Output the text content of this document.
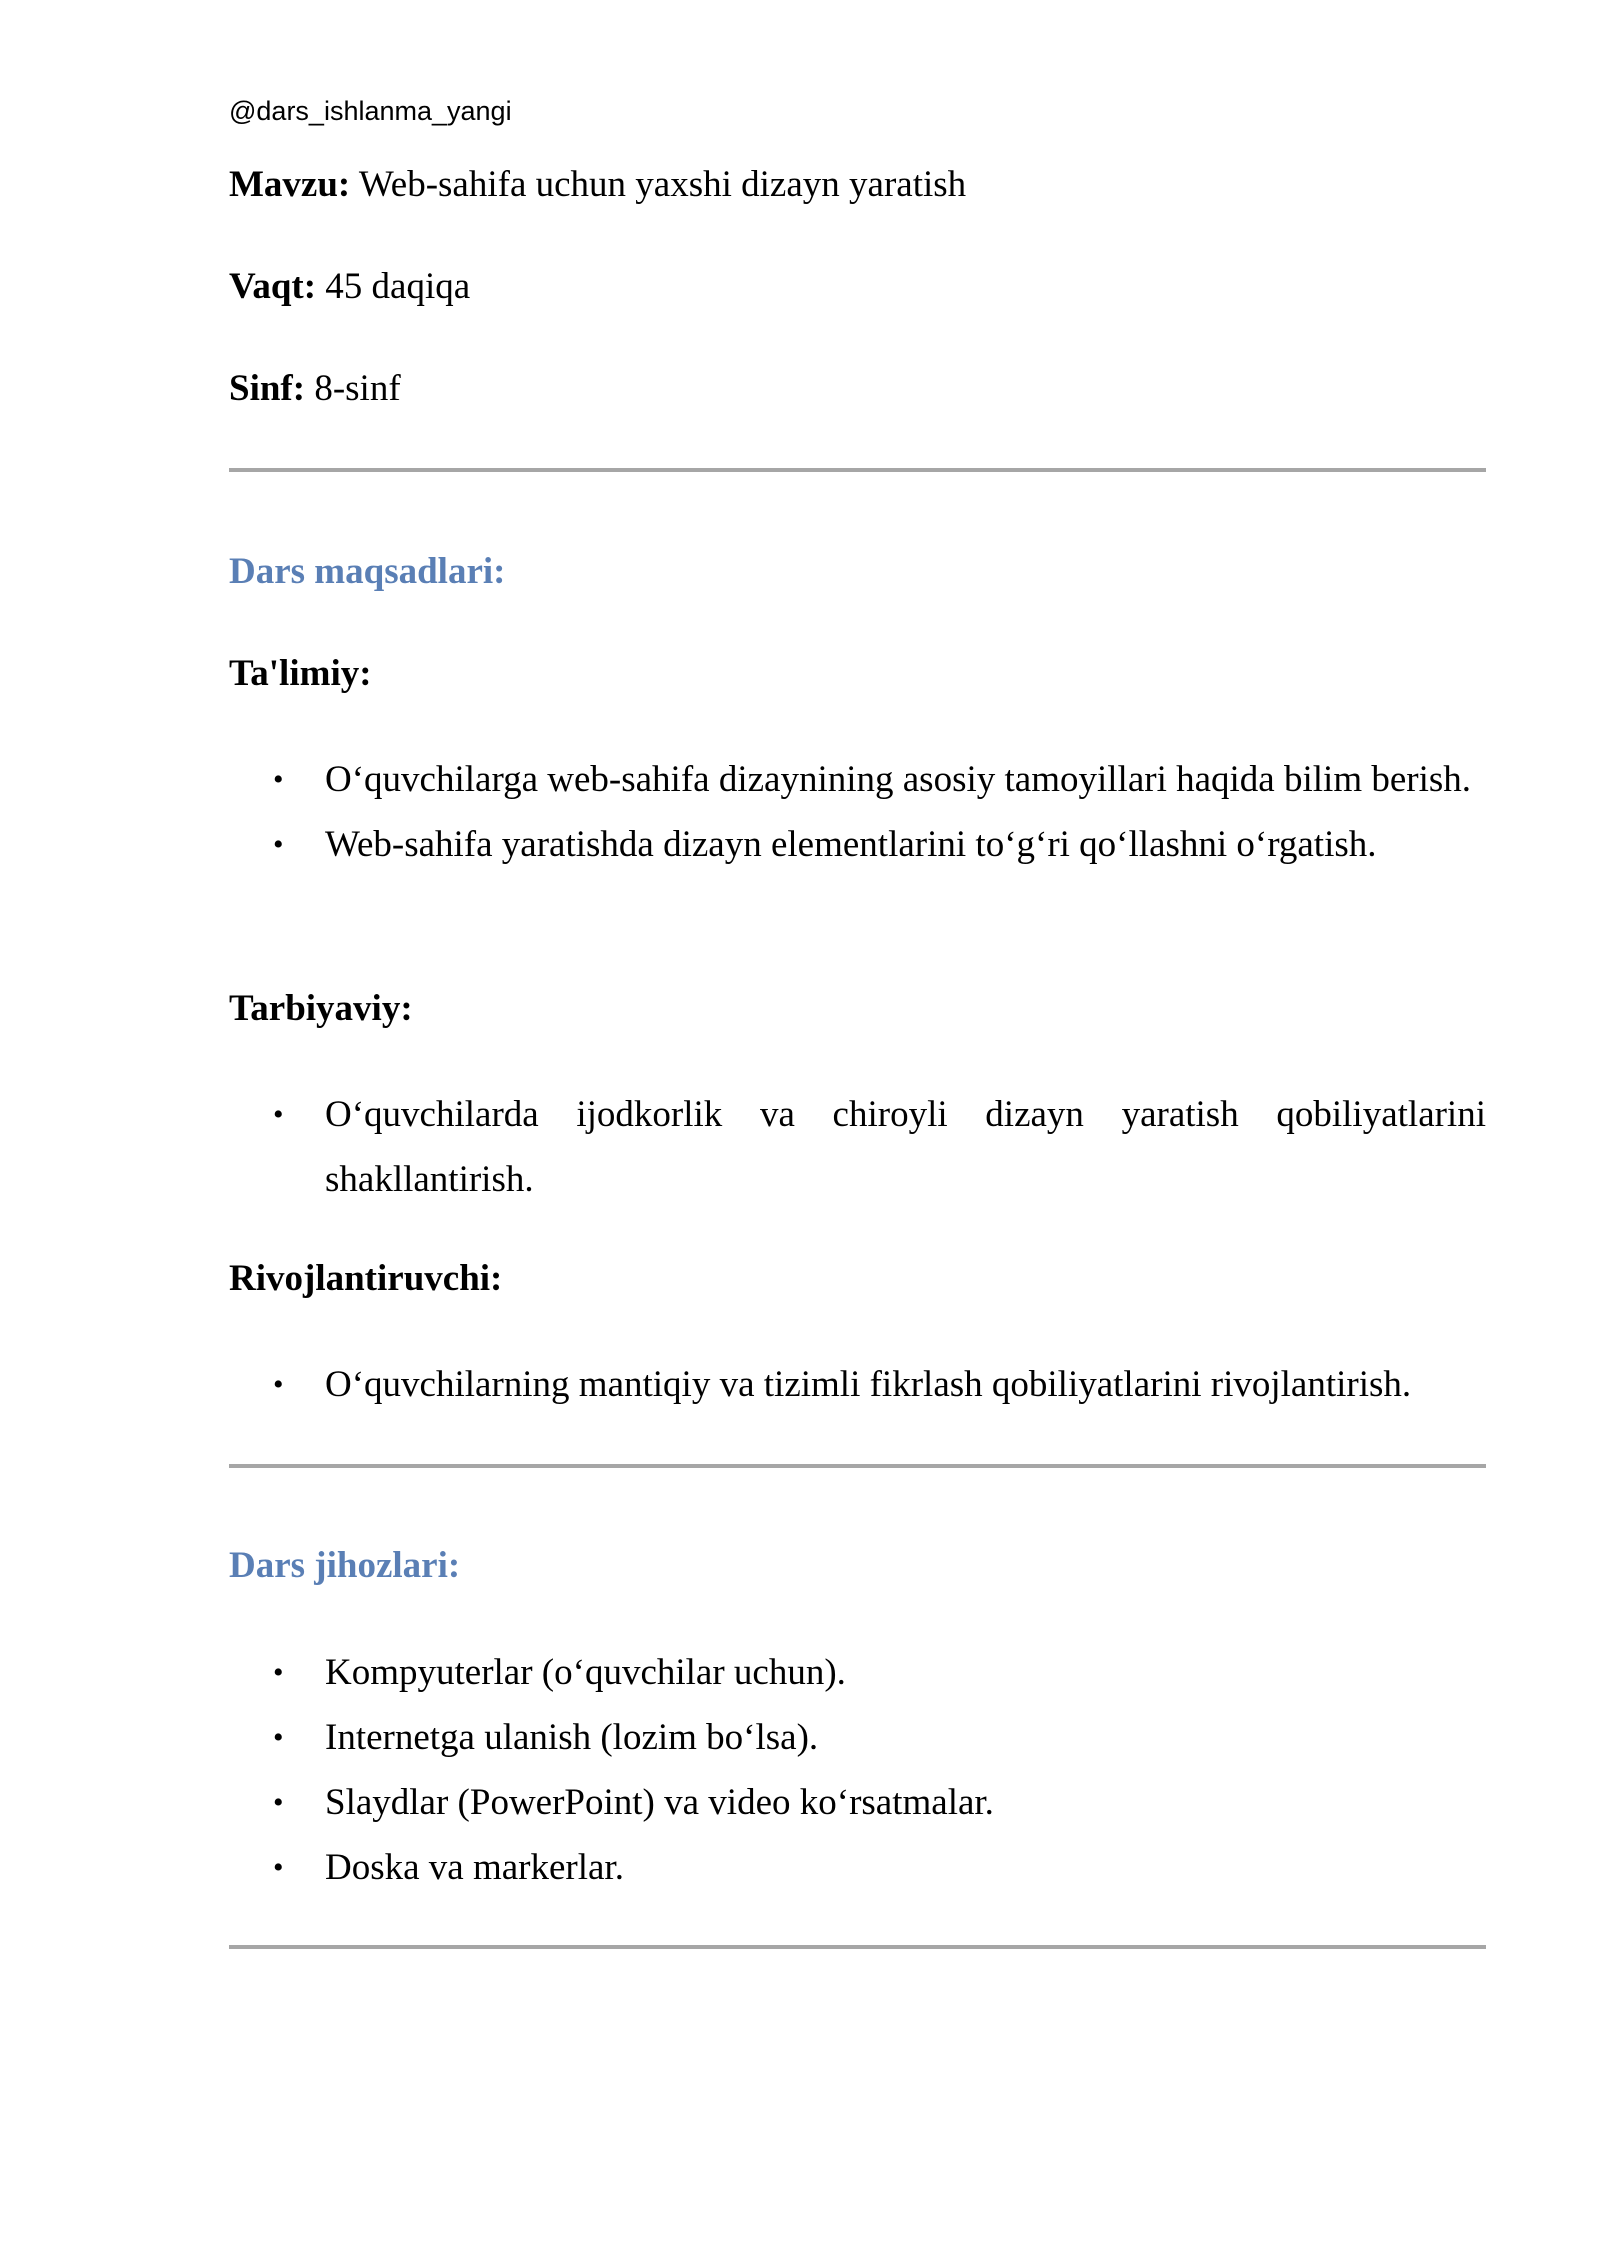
@dars_ishlanma_yangi
Mavzu: Web-sahifa uchun yaxshi dizayn yaratish
Vaqt: 45 daqiqa
Sinf: 8-sinf
Dars maqsadlari:
Ta'limiy:
• O‘quvchilarga web-sahifa dizaynining asosiy tamoyillari haqida bilim berish.
• Web-sahifa yaratishda dizayn elementlarini to‘g‘ri qo‘llashni o‘rgatish.
Tarbiyaviy:
• O‘quvchilarda ijodkorlik va chiroyli dizayn yaratish qobiliyatlarini shakllantirish.
Rivojlantiruvchi:
• O‘quvchilarning mantiqiy va tizimli fikrlash qobiliyatlarini rivojlantirish.
Dars jihozlari:
• Kompyuterlar (o‘quvchilar uchun).
• Internetga ulanish (lozim bo‘lsa).
• Slaydlar (PowerPoint) va video ko‘rsatmalar.
• Doska va markerlar.
